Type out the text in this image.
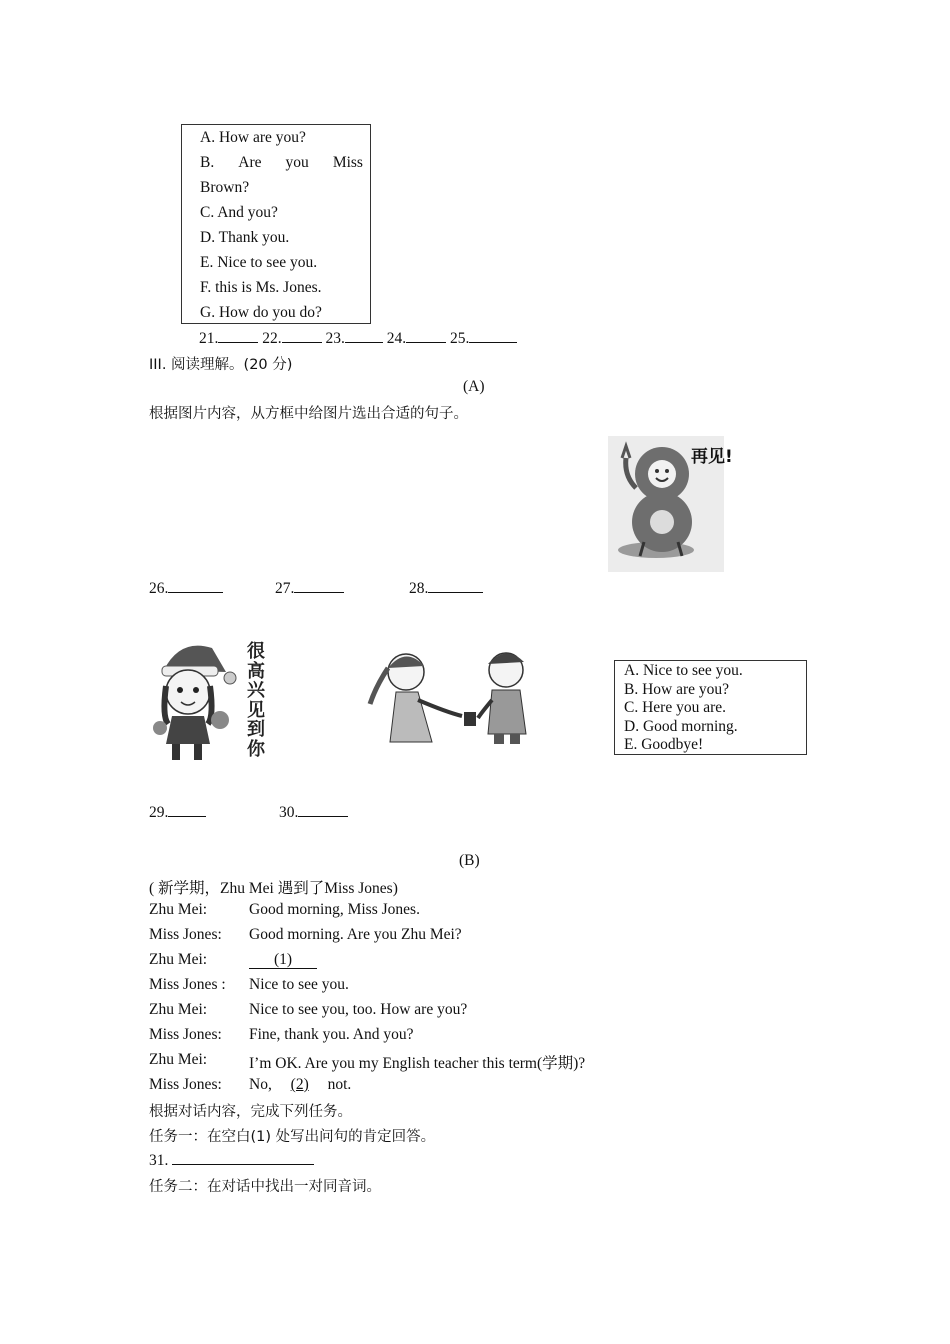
A. How are you?
B. Are you Miss
Brown?
C. And you?
D. Thank you.
E. Nice to see you.
F. this is Ms. Jones.
G. How do you do?
21.	22.	23.	24.	25.
III. 阅读理解。(20 分)
(A)
根据图片内容，从方框中给图片选出合适的句子。
再见!
26.	27.	28.
很
高
兴
见
到
你
A. Nice to see you.
B. How are you?
C. Here you are.
D. Good morning.
E. Goodbye!
29.	30.
(B)
( 新学期，Zhu Mei 遇到了Miss Jones)
Zhu Mei:	Good morning, Miss Jones.
Miss Jones: Good morning. Are you Zhu Mei?
Zhu Mei:	(1)
Miss Jones : Nice to see you.
Zhu Mei:	Nice to see you, too. How are you?
Miss Jones: Fine, thank you. And you?
Zhu Mei:	I’m OK. Are you my English teacher this term(学期)?
Miss Jones: No, (2) not.
根据对话内容，完成下列任务。
任务一：在空白(1) 处写出问句的肯定回答。
31.
任务二：在对话中找出一对同音词。
